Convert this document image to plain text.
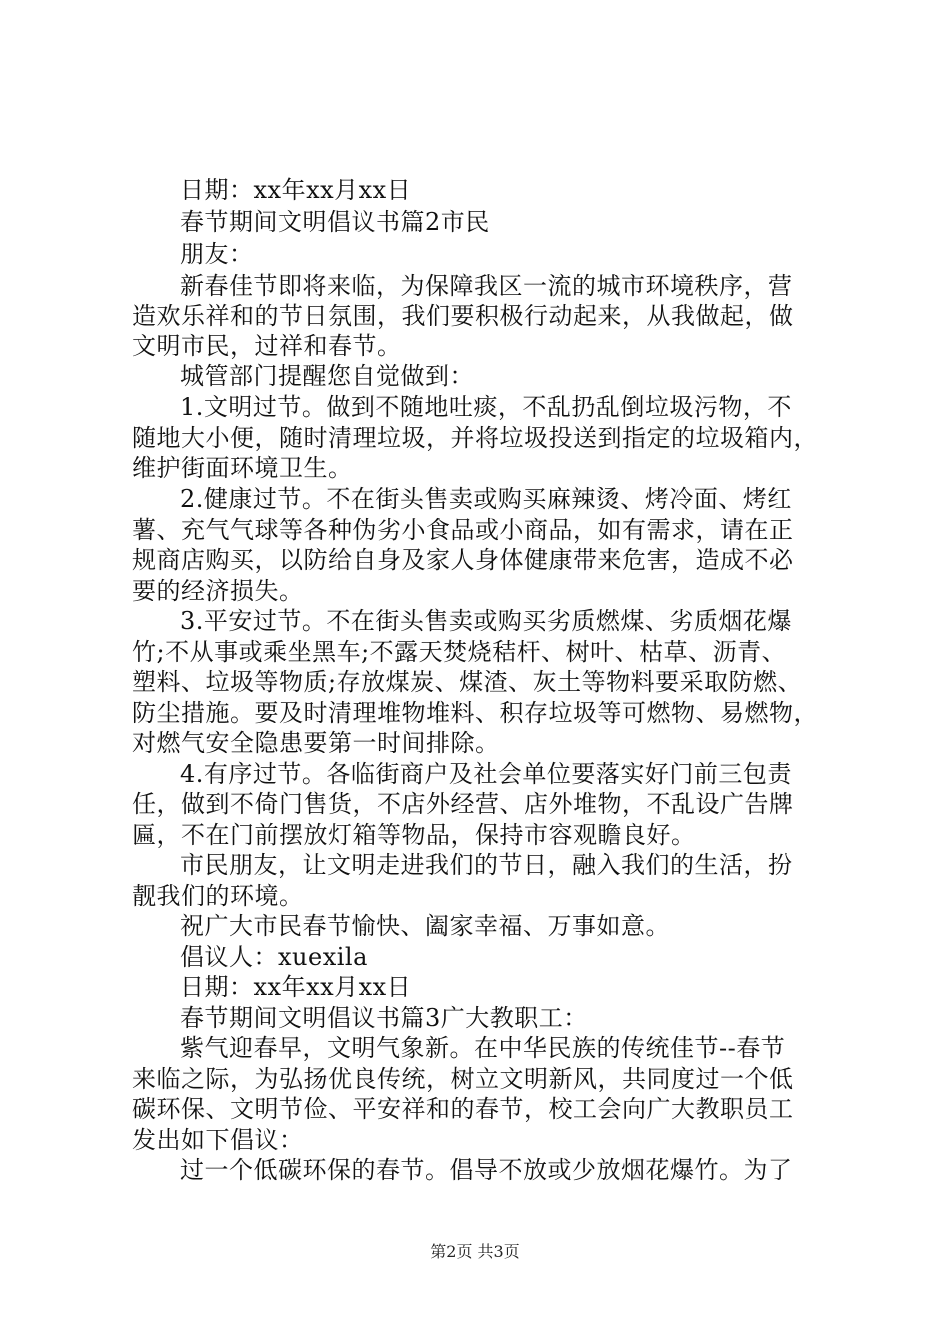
日期：xx年xx月xx日
春节期间文明倡议书篇2市民
朋友：
新春佳节即将来临，为保障我区一流的城市环境秩序，营
造欢乐祥和的节日氛围，我们要积极行动起来，从我做起，做
文明市民，过祥和春节。
城管部门提醒您自觉做到：
1.文明过节。做到不随地吐痰，不乱扔乱倒垃圾污物，不
随地大小便，随时清理垃圾，并将垃圾投送到指定的垃圾箱内，
维护街面环境卫生。
2.健康过节。不在街头售卖或购买麻辣烫、烤冷面、烤红
薯、充气气球等各种伪劣小食品或小商品，如有需求，请在正
规商店购买，以防给自身及家人身体健康带来危害，造成不必
要的经济损失。
3.平安过节。不在街头售卖或购买劣质燃煤、劣质烟花爆
竹;不从事或乘坐黑车;不露天焚烧秸杆、树叶、枯草、沥青、
塑料、垃圾等物质;存放煤炭、煤渣、灰土等物料要采取防燃、
防尘措施。要及时清理堆物堆料、积存垃圾等可燃物、易燃物，
对燃气安全隐患要第一时间排除。
4.有序过节。各临街商户及社会单位要落实好门前三包责
任，做到不倚门售货，不店外经营、店外堆物，不乱设广告牌
匾，不在门前摆放灯箱等物品，保持市容观瞻良好。
市民朋友，让文明走进我们的节日，融入我们的生活，扮
靓我们的环境。
祝广大市民春节愉快、阖家幸福、万事如意。
倡议人：xuexila
日期：xx年xx月xx日
春节期间文明倡议书篇3广大教职工：
紫气迎春早，文明气象新。在中华民族的传统佳节--春节
来临之际，为弘扬优良传统，树立文明新风，共同度过一个低
碳环保、文明节俭、平安祥和的春节，校工会向广大教职员工
发出如下倡议：
过一个低碳环保的春节。倡导不放或少放烟花爆竹。为了
第2页 共3页
